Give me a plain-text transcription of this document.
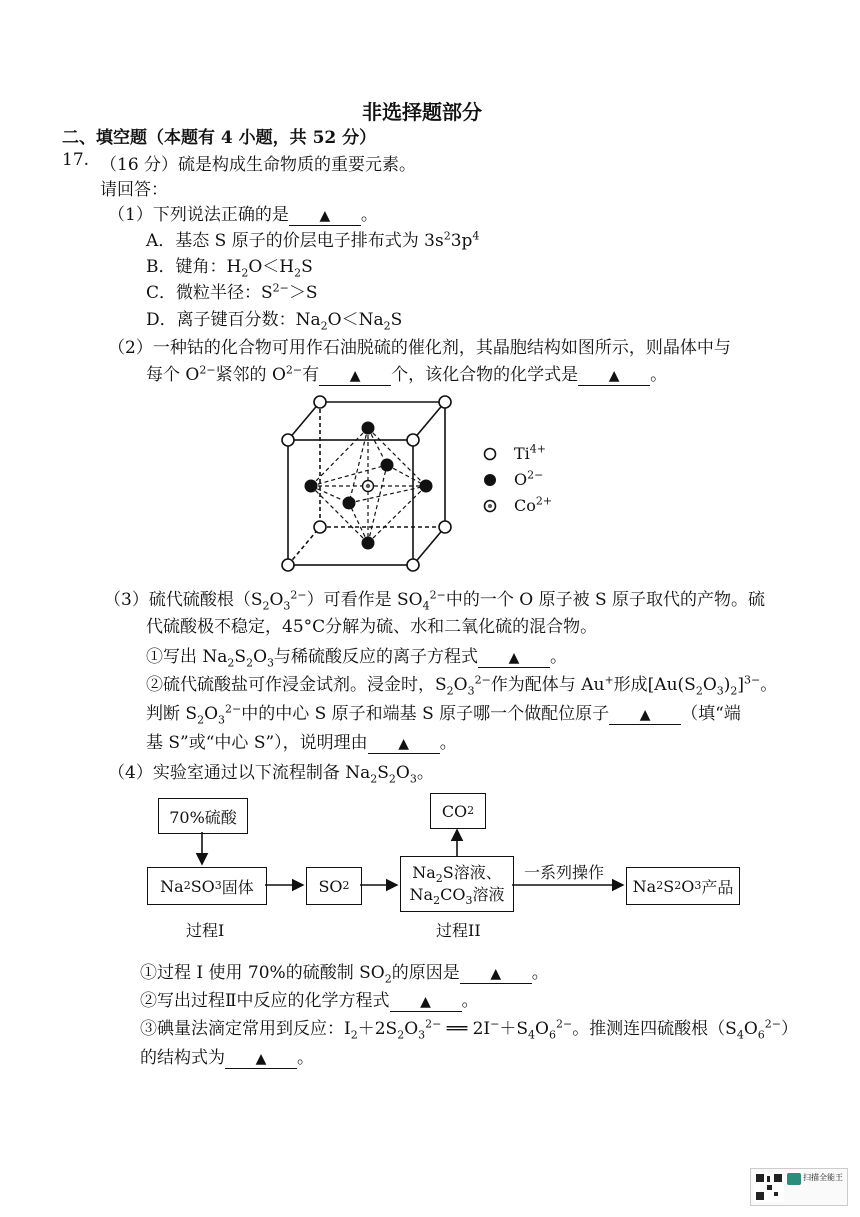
非选择题部分
二、填空题（本题有 4 小题，共 52 分）
17. （16 分）硫是构成生命物质的重要元素。
请回答：
（1）下列说法正确的是 ▲ 。
A．基态 S 原子的价层电子排布式为 $3s^23p^4$
B．键角：$H_2O<H_2S$
C．微粒半径：$S^{2-}>S$
D．离子键百分数：$Na_2O<Na_2S$
（2）一种钴的化合物可用作石油脱硫的催化剂，其晶胞结构如图所示，则晶体中与
每个 $O^{2-}$紧邻的 $O^{2-}$有 ▲ 个，该化合物的化学式是 ▲ 。
$Ti^{4+}$
$O^{2-}$
$Co^{2+}$
（3）硫代硫酸根$(S_2O_3^{2-})$可看作是 $SO_4^{2-}$中的一个 O 原子被 S 原子取代的产物。硫
代硫酸极不稳定，45°C分解为硫、水和二氧化硫的混合物。
①写出 $Na_2S_2O_3$与稀硫酸反应的离子方程式 ▲ 。
②硫代硫酸盐可作浸金试剂。浸金时，$S_2O_3^{2-}$作为配体与 Au+形成$[Au(S_2O_3)_2]^{3-}$。
判断 $S_2O_3^{2-}$中的中心 S 原子和端基 S 原子哪一个做配位原子 ▲ （填“端
基 S”或“中心 S”），说明理由 ▲ 。
（4）实验室通过以下流程制备 $Na_2S_2O_3$。
70%硫酸
Na 2 SO 3 固体	SO 2
CO 2
$Na_2S$溶液、
$Na_2CO_3$溶液	Na 2 S 2 O 3 产品
一系列操作
过程I	过程II
①过程 I 使用 70%的硫酸制 $SO_2$的原因是 ▲ 。
②写出过程Ⅱ中反应的化学方程式 ▲ 。
③碘量法滴定常用到反应：$I_2+2S_2O_3^{2-}$ ══ $2I^-+S_4O_6^{2-}$。推测连四硫酸根$(S_4O_6^{2-})$
的结构式为 ▲ 。
扫描全能王
